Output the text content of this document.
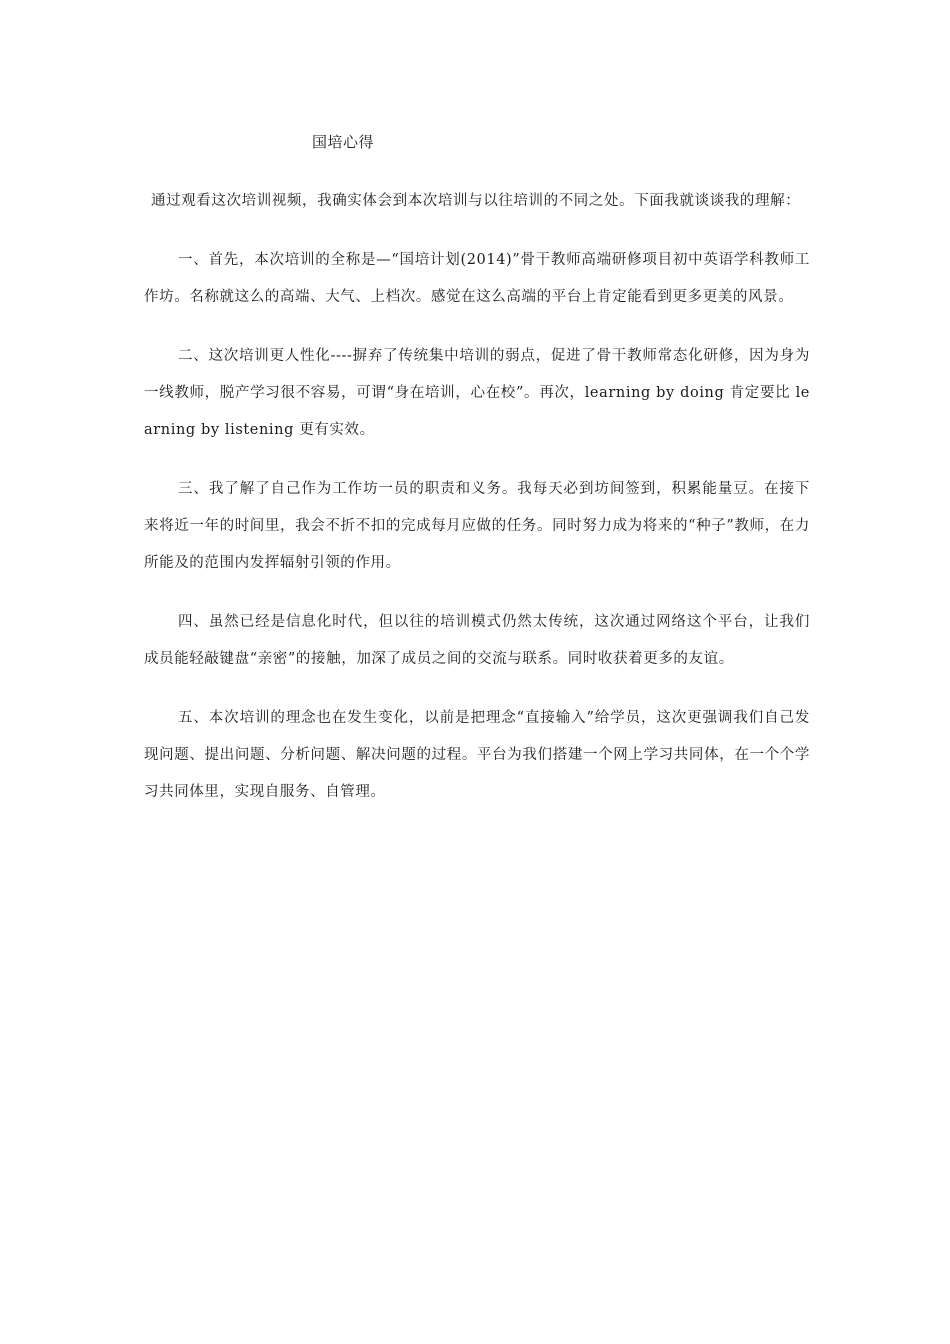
国培心得

通过观看这次培训视频，我确实体会到本次培训与以往培训的不同之处。下面我就谈谈我的理解：

一、首先，本次培训的全称是—“国培计划(2014)”骨干教师高端研修项目初中英语学科教师工作坊。名称就这么的高端、大气、上档次。感觉在这么高端的平台上肯定能看到更多更美的风景。

二、这次培训更人性化----摒弃了传统集中培训的弱点，促进了骨干教师常态化研修，因为身为一线教师，脱产学习很不容易，可谓“身在培训，心在校”。再次，learning by doing 肯定要比 learning by listening 更有实效。

三、我了解了自己作为工作坊一员的职责和义务。我每天必到坊间签到，积累能量豆。在接下来将近一年的时间里，我会不折不扣的完成每月应做的任务。同时努力成为将来的“种子”教师，在力所能及的范围内发挥辐射引领的作用。

四、虽然已经是信息化时代，但以往的培训模式仍然太传统，这次通过网络这个平台，让我们成员能轻敲键盘“亲密”的接触，加深了成员之间的交流与联系。同时收获着更多的友谊。

五、本次培训的理念也在发生变化，以前是把理念“直接输入”给学员，这次更强调我们自己发现问题、提出问题、分析问题、解决问题的过程。平台为我们搭建一个网上学习共同体，在一个个学习共同体里，实现自服务、自管理。
